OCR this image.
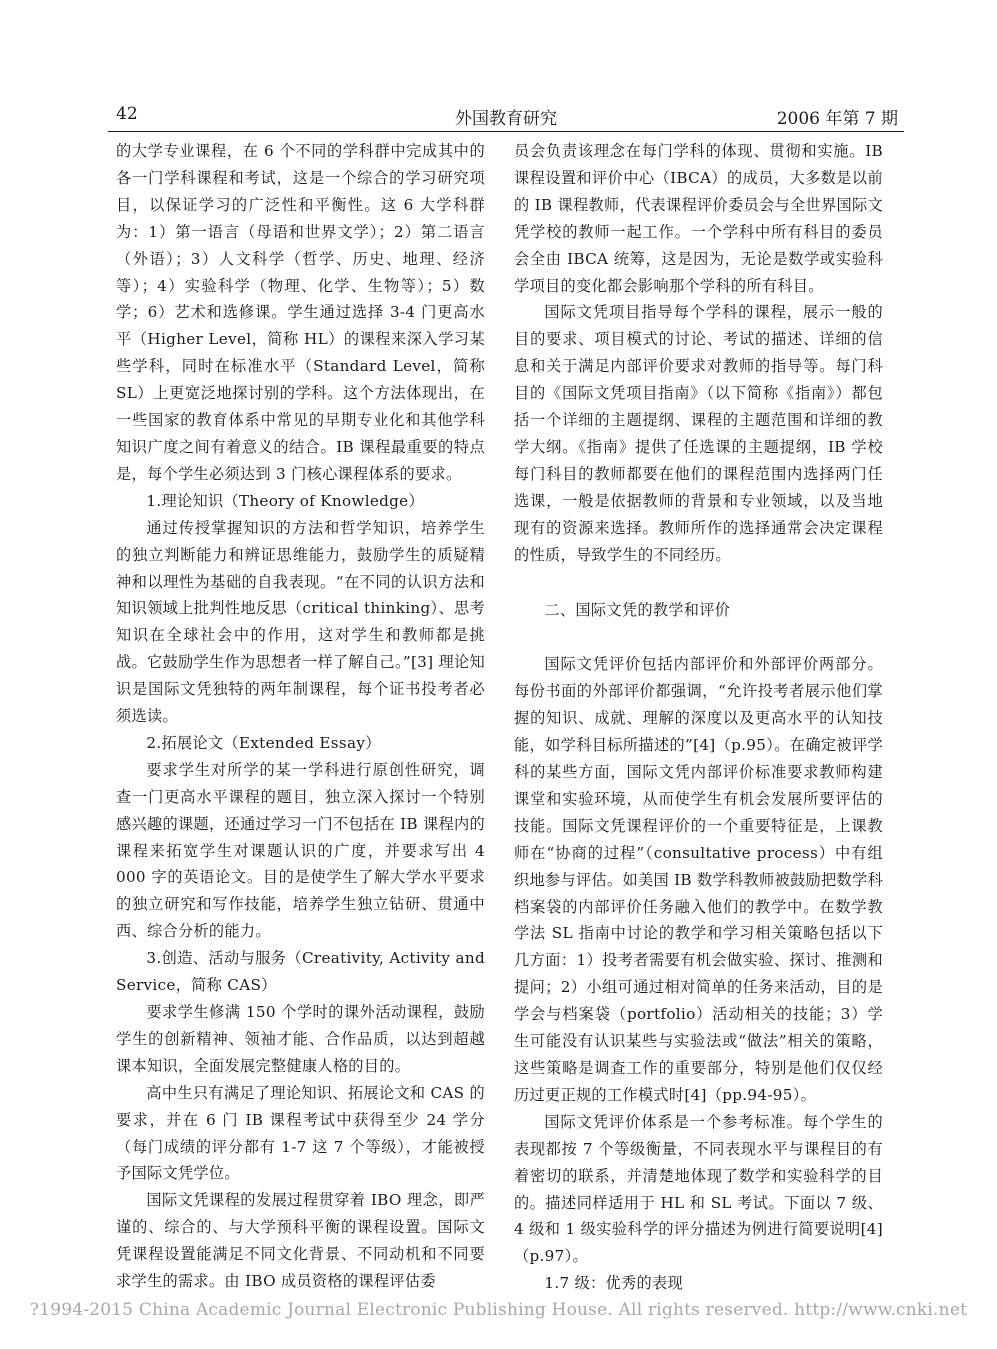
42	外国教育研究	2006 年第 7 期

的大学专业课程，在 6 个不同的学科群中完成其中的各一门学科课程和考试，这是一个综合的学习研究项目，以保证学习的广泛性和平衡性。这 6 大学科群为：1）第一语言（母语和世界文学）；2）第二语言（外语）；3）人文科学（哲学、历史、地理、经济等）；4）实验科学（物理、化学、生物等）；5）数学；6）艺术和选修课。学生通过选择 3-4 门更高水平（Higher Level，简称 HL）的课程来深入学习某些学科，同时在标准水平（Standard Level，简称 SL）上更宽泛地探讨别的学科。这个方法体现出，在一些国家的教育体系中常见的早期专业化和其他学科知识广度之间有着意义的结合。IB 课程最重要的特点是，每个学生必须达到 3 门核心课程体系的要求。

1.理论知识（Theory of Knowledge）

通过传授掌握知识的方法和哲学知识，培养学生的独立判断能力和辨证思维能力，鼓励学生的质疑精神和以理性为基础的自我表现。“在不同的认识方法和知识领域上批判性地反思（critical thinking）、思考知识在全球社会中的作用，这对学生和教师都是挑战。它鼓励学生作为思想者一样了解自己。”[3] 理论知识是国际文凭独特的两年制课程，每个证书投考者必须选读。

2.拓展论文（Extended Essay）

要求学生对所学的某一学科进行原创性研究，调查一门更高水平课程的题目，独立深入探讨一个特别感兴趣的课题，还通过学习一门不包括在 IB 课程内的课程来拓宽学生对课题认识的广度，并要求写出 4 000 字的英语论文。目的是使学生了解大学水平要求的独立研究和写作技能，培养学生独立钻研、贯通中西、综合分析的能力。

3.创造、活动与服务（Creativity, Activity and Service，简称 CAS）

要求学生修满 150 个学时的课外活动课程，鼓励学生的创新精神、领袖才能、合作品质，以达到超越课本知识，全面发展完整健康人格的目的。

高中生只有满足了理论知识、拓展论文和 CAS 的要求，并在 6 门 IB 课程考试中获得至少 24 学分（每门成绩的评分都有 1-7 这 7 个等级），才能被授予国际文凭学位。

国际文凭课程的发展过程贯穿着 IBO 理念，即严谨的、综合的、与大学预科平衡的课程设置。国际文凭课程设置能满足不同文化背景、不同动机和不同要求学生的需求。由 IBO 成员资格的课程评估委

员会负责该理念在每门学科的体现、贯彻和实施。IB 课程设置和评价中心（IBCA）的成员，大多数是以前的 IB 课程教师，代表课程评价委员会与全世界国际文凭学校的教师一起工作。一个学科中所有科目的委员会全由 IBCA 统筹，这是因为，无论是数学或实验科学项目的变化都会影响那个学科的所有科目。

国际文凭项目指导每个学科的课程，展示一般的目的要求、项目模式的讨论、考试的描述、详细的信息和关于满足内部评价要求对教师的指导等。每门科目的《国际文凭项目指南》（以下简称《指南》）都包括一个详细的主题提纲、课程的主题范围和详细的教学大纲。《指南》提供了任选课的主题提纲，IB 学校每门科目的教师都要在他们的课程范围内选择两门任选课，一般是依据教师的背景和专业领域，以及当地现有的资源来选择。教师所作的选择通常会决定课程的性质，导致学生的不同经历。

二、国际文凭的教学和评价

国际文凭评价包括内部评价和外部评价两部分。每份书面的外部评价都强调，“允许投考者展示他们掌握的知识、成就、理解的深度以及更高水平的认知技能，如学科目标所描述的”[4]（p.95）。在确定被评学科的某些方面，国际文凭内部评价标准要求教师构建课堂和实验环境，从而使学生有机会发展所要评估的技能。国际文凭课程评价的一个重要特征是，上课教师在“协商的过程”（consultative process）中有组织地参与评估。如美国 IB 数学科教师被鼓励把数学科档案袋的内部评价任务融入他们的教学中。在数学教学法 SL 指南中讨论的教学和学习相关策略包括以下几方面：1）投考者需要有机会做实验、探讨、推测和提问；2）小组可通过相对简单的任务来活动，目的是学会与档案袋（portfolio）活动相关的技能；3）学生可能没有认识某些与实验法或“做法”相关的策略，这些策略是调查工作的重要部分，特别是他们仅仅经历过更正规的工作模式时[4]（pp.94-95）。

国际文凭评价体系是一个参考标准。每个学生的表现都按 7 个等级衡量，不同表现水平与课程目的有着密切的联系，并清楚地体现了数学和实验科学的目的。描述同样适用于 HL 和 SL 考试。下面以 7 级、4 级和 1 级实验科学的评分描述为例进行简要说明[4]（p.97）。

1.7 级：优秀的表现

?1994-2015 China Academic Journal Electronic Publishing House. All rights reserved. http://www.cnki.net
